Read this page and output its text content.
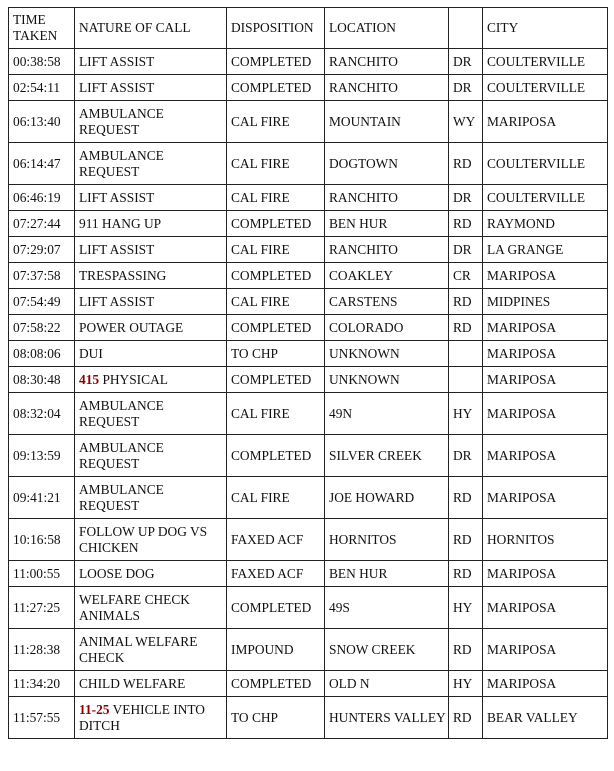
TIME TAKEN	NATURE OF CALL	DISPOSITION	LOCATION		CITY
00:38:58	LIFT ASSIST	COMPLETED	RANCHITO	DR	COULTERVILLE
02:54:11	LIFT ASSIST	COMPLETED	RANCHITO	DR	COULTERVILLE
06:13:40	AMBULANCE REQUEST	CAL FIRE	MOUNTAIN	WY	MARIPOSA
06:14:47	AMBULANCE REQUEST	CAL FIRE	DOGTOWN	RD	COULTERVILLE
06:46:19	LIFT ASSIST	CAL FIRE	RANCHITO	DR	COULTERVILLE
07:27:44	911 HANG UP	COMPLETED	BEN HUR	RD	RAYMOND
07:29:07	LIFT ASSIST	CAL FIRE	RANCHITO	DR	LA GRANGE
07:37:58	TRESPASSING	COMPLETED	COAKLEY	CR	MARIPOSA
07:54:49	LIFT ASSIST	CAL FIRE	CARSTENS	RD	MIDPINES
07:58:22	POWER OUTAGE	COMPLETED	COLORADO	RD	MARIPOSA
08:08:06	DUI	TO CHP	UNKNOWN		MARIPOSA
08:30:48	415 PHYSICAL	COMPLETED	UNKNOWN		MARIPOSA
08:32:04	AMBULANCE REQUEST	CAL FIRE	49N	HY	MARIPOSA
09:13:59	AMBULANCE REQUEST	COMPLETED	SILVER CREEK	DR	MARIPOSA
09:41:21	AMBULANCE REQUEST	CAL FIRE	JOE HOWARD	RD	MARIPOSA
10:16:58	FOLLOW UP DOG VS CHICKEN	FAXED ACF	HORNITOS	RD	HORNITOS
11:00:55	LOOSE DOG	FAXED ACF	BEN HUR	RD	MARIPOSA
11:27:25	WELFARE CHECK ANIMALS	COMPLETED	49S	HY	MARIPOSA
11:28:38	ANIMAL WELFARE CHECK	IMPOUND	SNOW CREEK	RD	MARIPOSA
11:34:20	CHILD WELFARE	COMPLETED	OLD N	HY	MARIPOSA
11:57:55	11-25 VEHICLE INTO DITCH	TO CHP	HUNTERS VALLEY	RD	BEAR VALLEY
